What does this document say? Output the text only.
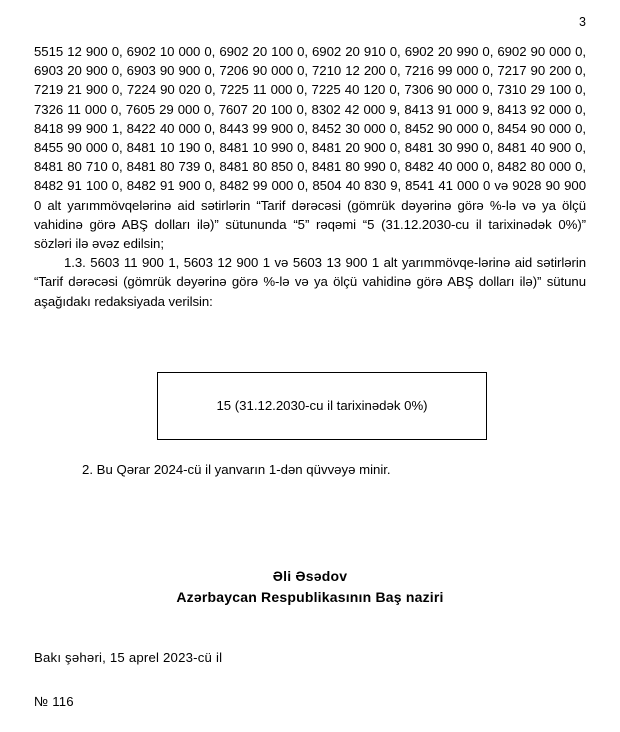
3

5515 12 900 0, 6902 10 000 0, 6902 20 100 0, 6902 20 910 0, 6902 20 990 0, 6902 90 000 0, 6903 20 900 0, 6903 90 900 0, 7206 90 000 0, 7210 12 200 0, 7216 99 000 0, 7217 90 200 0, 7219 21 900 0, 7224 90 020 0, 7225 11 000 0, 7225 40 120 0, 7306 90 000 0, 7310 29 100 0, 7326 11 000 0, 7605 29 000 0, 7607 20 100 0, 8302 42 000 9, 8413 91 000 9, 8413 92 000 0, 8418 99 900 1, 8422 40 000 0, 8443 99 900 0, 8452 30 000 0, 8452 90 000 0, 8454 90 000 0, 8455 90 000 0, 8481 10 190 0, 8481 10 990 0, 8481 20 900 0, 8481 30 990 0, 8481 40 900 0, 8481 80 710 0, 8481 80 739 0, 8481 80 850 0, 8481 80 990 0, 8482 40 000 0, 8482 80 000 0, 8482 91 100 0, 8482 91 900 0, 8482 99 000 0, 8504 40 830 9, 8541 41 000 0 və 9028 90 900 0 alt yarımmövqelərinə aid sətirlərin “Tarif dərəcəsi (gömrük dəyərinə görə %-lə və ya ölçü vahidinə görə ABŞ dolları ilə)” sütununda “5” rəqəmi “5 (31.12.2030-cu il tarixinədək 0%)” sözləri ilə əvəz edilsin;

1.3. 5603 11 900 1, 5603 12 900 1 və 5603 13 900 1 alt yarımmövqe-lərinə aid sətirlərin “Tarif dərəcəsi (gömrük dəyərinə görə %-lə və ya ölçü vahidinə görə ABŞ dolları ilə)” sütunu aşağıdakı redaksiyada verilsin:

15 (31.12.2030-cu il tarixinədək 0%)
2. Bu Qərar 2024-cü il yanvarın 1-dən qüvvəyə minir.
Əli Əsədov
Azərbaycan Respublikasının Baş naziri
Bakı şəhəri, 15 aprel 2023-cü il
№ 116
